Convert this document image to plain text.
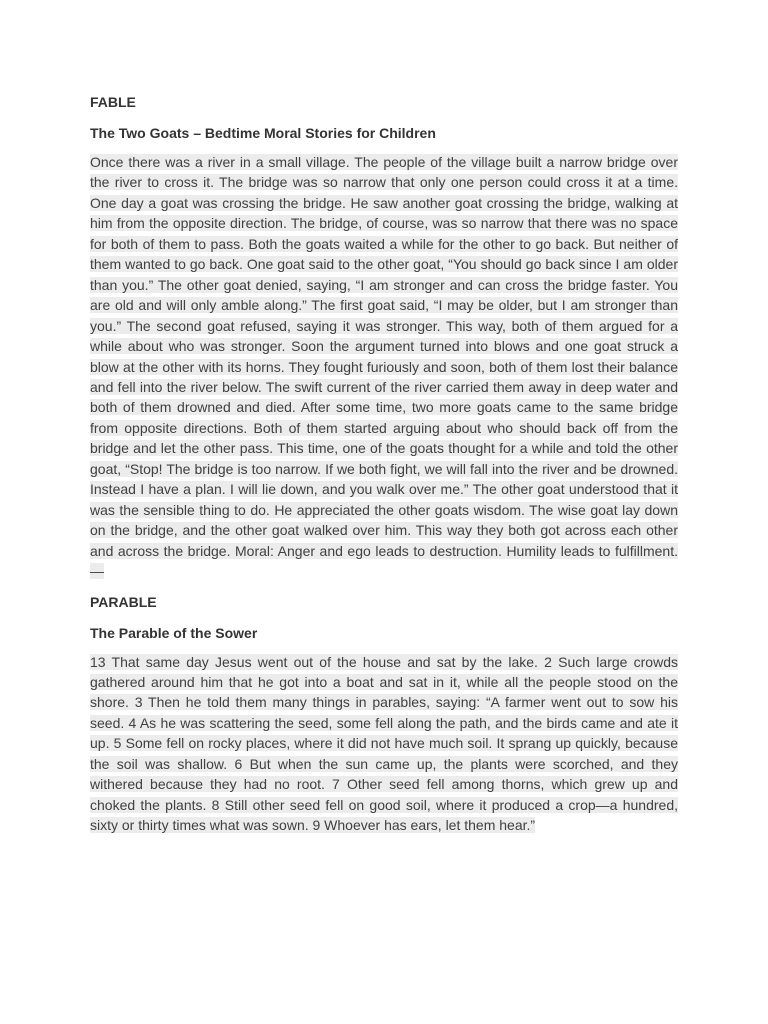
FABLE
The Two Goats – Bedtime Moral Stories for Children

Once there was a river in a small village. The people of the village built a narrow bridge over the river to cross it. The bridge was so narrow that only one person could cross it at a time. One day a goat was crossing the bridge. He saw another goat crossing the bridge, walking at him from the opposite direction. The bridge, of course, was so narrow that there was no space for both of them to pass. Both the goats waited a while for the other to go back. But neither of them wanted to go back. One goat said to the other goat, “You should go back since I am older than you.” The other goat denied, saying, “I am stronger and can cross the bridge faster. You are old and will only amble along.” The first goat said, “I may be older, but I am stronger than you.” The second goat refused, saying it was stronger. This way, both of them argued for a while about who was stronger. Soon the argument turned into blows and one goat struck a blow at the other with its horns. They fought furiously and soon, both of them lost their balance and fell into the river below. The swift current of the river carried them away in deep water and both of them drowned and died. After some time, two more goats came to the same bridge from opposite directions. Both of them started arguing about who should back off from the bridge and let the other pass. This time, one of the goats thought for a while and told the other goat, “Stop! The bridge is too narrow. If we both fight, we will fall into the river and be drowned. Instead I have a plan. I will lie down, and you walk over me.” The other goat understood that it was the sensible thing to do. He appreciated the other goats wisdom. The wise goat lay down on the bridge, and the other goat walked over him. This way they both got across each other and across the bridge. Moral: Anger and ego leads to destruction. Humility leads to fulfillment. —

PARABLE
The Parable of the Sower

13 That same day Jesus went out of the house and sat by the lake. 2 Such large crowds gathered around him that he got into a boat and sat in it, while all the people stood on the shore. 3 Then he told them many things in parables, saying: “A farmer went out to sow his seed. 4 As he was scattering the seed, some fell along the path, and the birds came and ate it up. 5 Some fell on rocky places, where it did not have much soil. It sprang up quickly, because the soil was shallow. 6 But when the sun came up, the plants were scorched, and they withered because they had no root. 7 Other seed fell among thorns, which grew up and choked the plants. 8 Still other seed fell on good soil, where it produced a crop—a hundred, sixty or thirty times what was sown. 9 Whoever has ears, let them hear.”
